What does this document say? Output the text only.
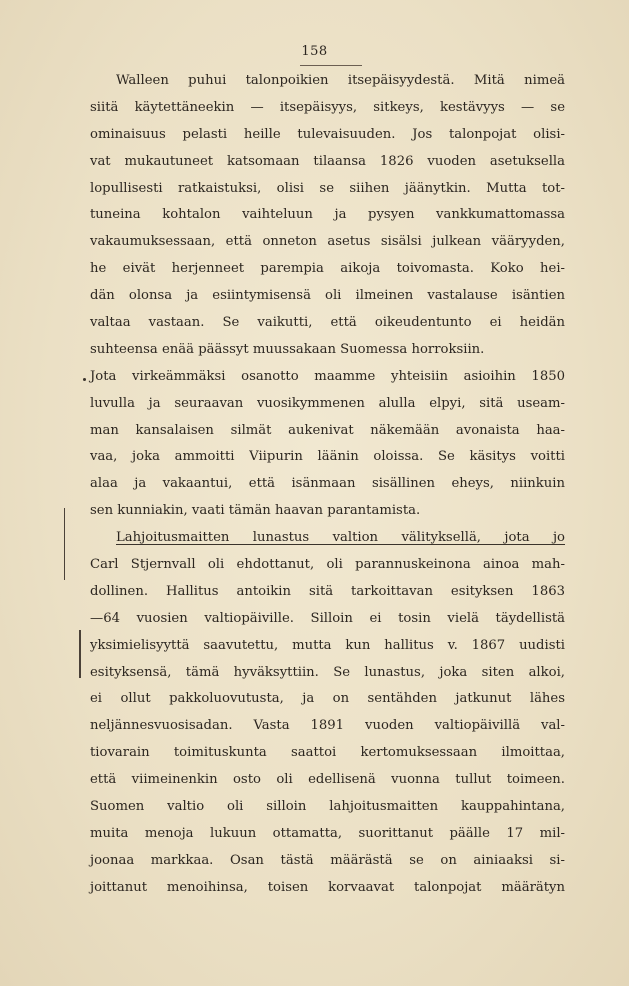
158
Walleen puhui talonpoikien itsepäisyydestä. Mitä nimeä
siitä käytettäneekin — itsepäisyys, sitkeys, kestävyys — se
ominaisuus pelasti heille tulevaisuuden. Jos talonpojat olisi-
vat mukautuneet katsomaan tilaansa 1826 vuoden asetuksella
lopullisesti ratkaistuksi, olisi se siihen jäänytkin. Mutta tot-
tuneina kohtalon vaihteluun ja pysyen vankkumattomassa
vakaumuksessaan, että onneton asetus sisälsi julkean vääryyden,
he eivät herjenneet parempia aikoja toivomasta. Koko hei-
dän olonsa ja esiintymisensä oli ilmeinen vastalause isäntien
valtaa vastaan. Se vaikutti, että oikeudentunto ei heidän
suhteensa enää päässyt muussakaan Suomessa horroksiin.
Jota virkeämmäksi osanotto maamme yhteisiin asioihin 1850
luvulla ja seuraavan vuosikymmenen alulla elpyi, sitä useam-
man kansalaisen silmät aukenivat näkemään avonaista haa-
vaa, joka ammoitti Viipurin läänin oloissa. Se käsitys voitti
alaa ja vakaantui, että isänmaan sisällinen eheys, niinkuin
sen kunniakin, vaati tämän haavan parantamista.
Lahjoitusmaitten lunastus valtion välityksellä, jota jo
Carl Stjernvall oli ehdottanut, oli parannuskeinona ainoa mah-
dollinen. Hallitus antoikin sitä tarkoittavan esityksen 1863
—64 vuosien valtiopäiville. Silloin ei tosin vielä täydellistä
yksimielisyyttä saavutettu, mutta kun hallitus v. 1867 uudisti
esityksensä, tämä hyväksyttiin. Se lunastus, joka siten alkoi,
ei ollut pakkoluovutusta, ja on sentähden jatkunut lähes
neljännesvuosisadan. Vasta 1891 vuoden valtiopäivillä val-
tiovarain toimituskunta saattoi kertomuksessaan ilmoittaa,
että viimeinenkin osto oli edellisenä vuonna tullut toimeen.
Suomen valtio oli silloin lahjoitusmaitten kauppahintana,
muita menoja lukuun ottamatta, suorittanut päälle 17 mil-
joonaa markkaa. Osan tästä määrästä se on ainiaaksi si-
joittanut menoihinsa, toisen korvaavat talonpojat määrätyn
